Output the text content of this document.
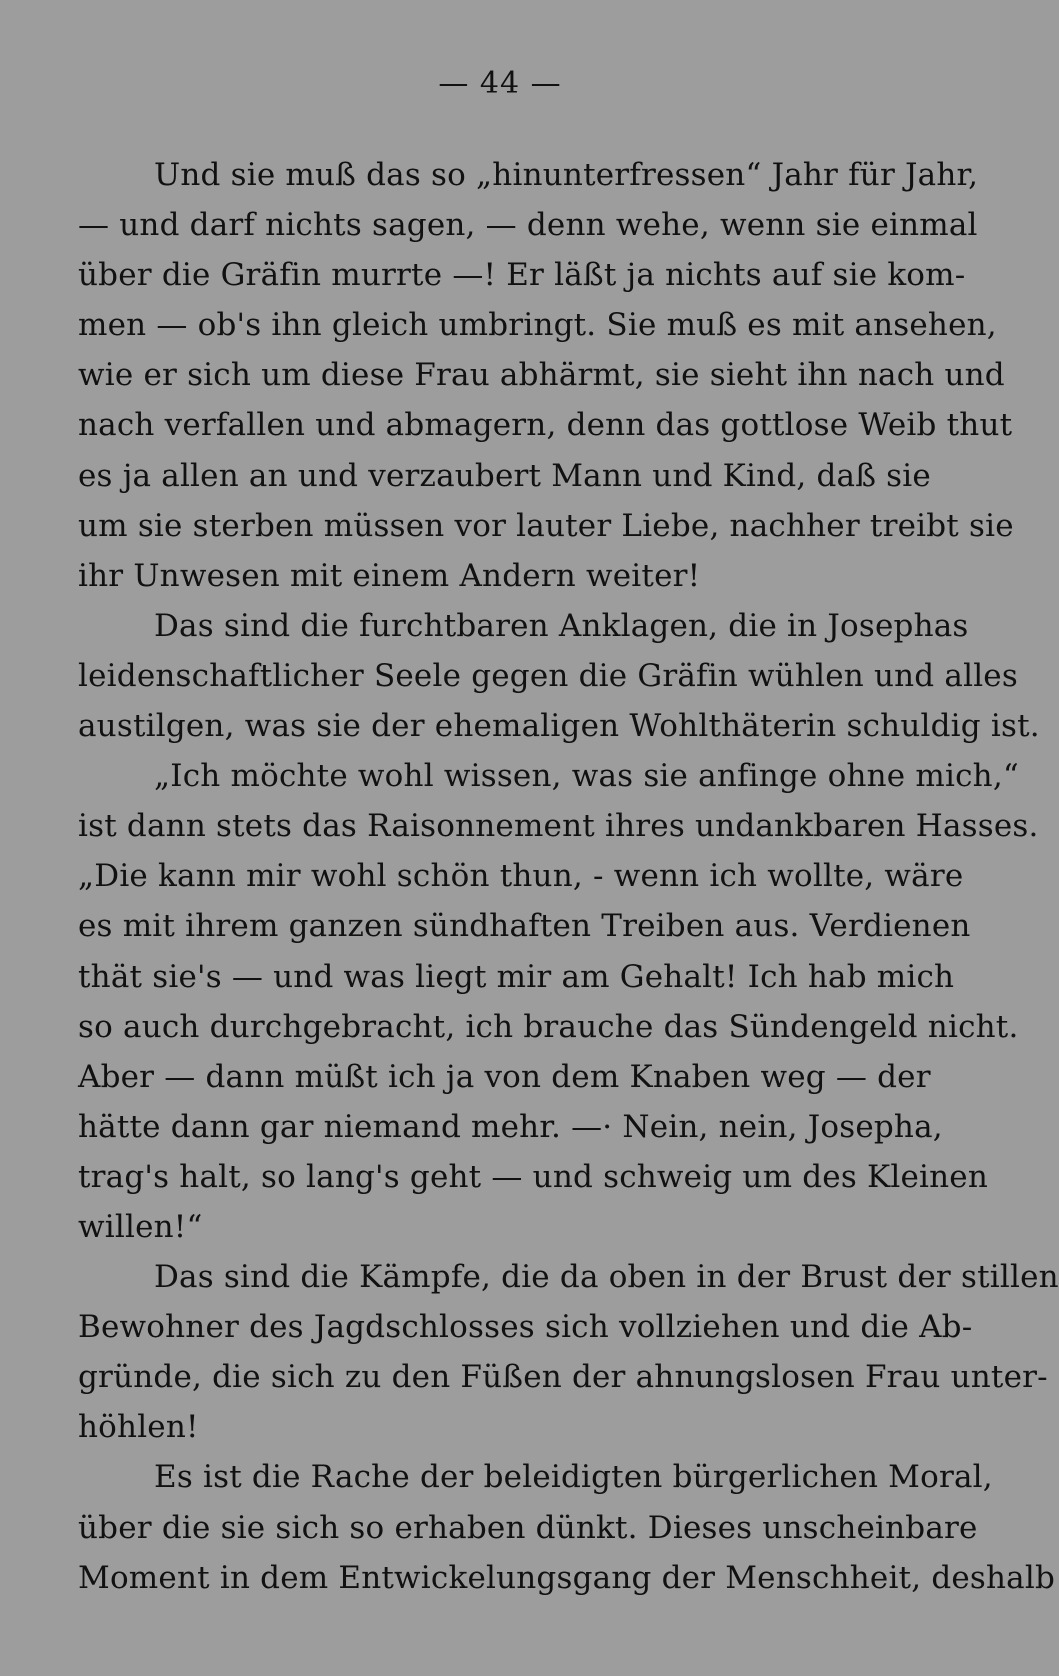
— 44 —
Und sie muß das so „hinunterfressen“ Jahr für Jahr,
— und darf nichts sagen, — denn wehe, wenn sie einmal
über die Gräfin murrte —! Er läßt ja nichts auf sie kom-
men — ob's ihn gleich umbringt. Sie muß es mit ansehen,
wie er sich um diese Frau abhärmt, sie sieht ihn nach und
nach verfallen und abmagern, denn das gottlose Weib thut
es ja allen an und verzaubert Mann und Kind, daß sie
um sie sterben müssen vor lauter Liebe, nachher treibt sie
ihr Unwesen mit einem Andern weiter!
Das sind die furchtbaren Anklagen, die in Josephas
leidenschaftlicher Seele gegen die Gräfin wühlen und alles
austilgen, was sie der ehemaligen Wohlthäterin schuldig ist.
„Ich möchte wohl wissen, was sie anfinge ohne mich,“
ist dann stets das Raisonnement ihres undankbaren Hasses.
„Die kann mir wohl schön thun, - wenn ich wollte, wäre
es mit ihrem ganzen sündhaften Treiben aus. Verdienen
thät sie's — und was liegt mir am Gehalt! Ich hab mich
so auch durchgebracht, ich brauche das Sündengeld nicht.
Aber — dann müßt ich ja von dem Knaben weg — der
hätte dann gar niemand mehr. —· Nein, nein, Josepha,
trag's halt, so lang's geht — und schweig um des Kleinen
willen!“
Das sind die Kämpfe, die da oben in der Brust der stillen
Bewohner des Jagdschlosses sich vollziehen und die Ab-
gründe, die sich zu den Füßen der ahnungslosen Frau unter-
höhlen!
Es ist die Rache der beleidigten bürgerlichen Moral,
über die sie sich so erhaben dünkt. Dieses unscheinbare
Moment in dem Entwickelungsgang der Menschheit, deshalb
